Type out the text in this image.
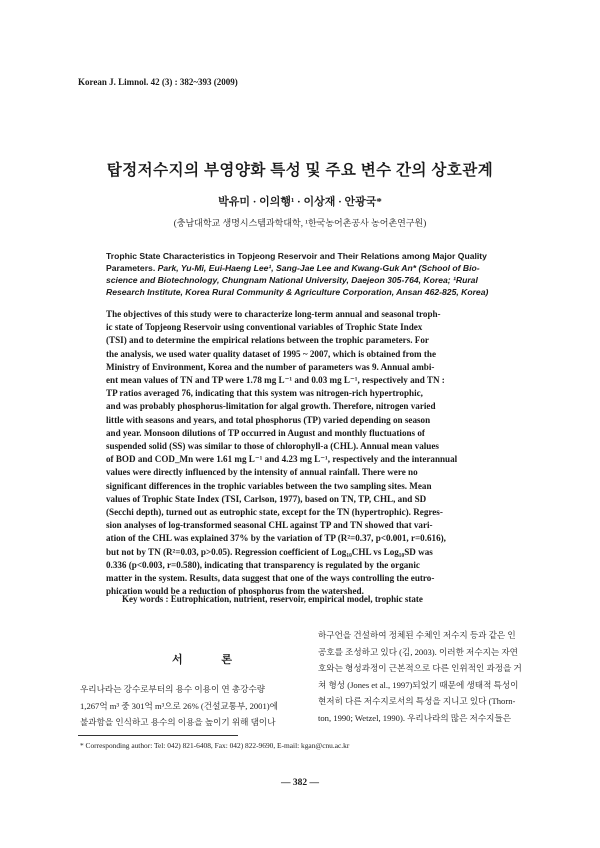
Korean J. Limnol. 42 (3) : 382~393 (2009)
탑정저수지의 부영양화 특성 및 주요 변수 간의 상호관계
박유미 · 이의행¹ · 이상재 · 안광국*
(충남대학교 생명시스템과학대학, ¹한국농어촌공사 농어촌연구원)
Trophic State Characteristics in Topjeong Reservoir and Their Relations among Major Quality
Parameters. Park, Yu-Mi, Eui-Haeng Lee¹, Sang-Jae Lee and Kwang-Guk An* (School of Bio-
science and Biotechnology, Chungnam National University, Daejeon 305-764, Korea; ¹Rural
Research Institute, Korea Rural Community & Agriculture Corporation, Ansan 462-825, Korea)
The objectives of this study were to characterize long-term annual and seasonal troph-
ic state of Topjeong Reservoir using conventional variables of Trophic State Index
(TSI) and to determine the empirical relations between the trophic parameters. For
the analysis, we used water quality dataset of 1995 ~ 2007, which is obtained from the
Ministry of Environment, Korea and the number of parameters was 9. Annual ambi-
ent mean values of TN and TP were 1.78 mg L⁻¹ and 0.03 mg L⁻¹, respectively and TN :
TP ratios averaged 76, indicating that this system was nitrogen-rich hypertrophic,
and was probably phosphorus-limitation for algal growth. Therefore, nitrogen varied
little with seasons and years, and total phosphorus (TP) varied depending on season
and year. Monsoon dilutions of TP occurred in August and monthly fluctuations of
suspended solid (SS) was similar to those of chlorophyll-a (CHL). Annual mean values
of BOD and COD_Mn were 1.61 mg L⁻¹ and 4.23 mg L⁻¹, respectively and the interannual
values were directly influenced by the intensity of annual rainfall. There were no
significant differences in the trophic variables between the two sampling sites. Mean
values of Trophic State Index (TSI, Carlson, 1977), based on TN, TP, CHL, and SD
(Secchi depth), turned out as eutrophic state, except for the TN (hypertrophic). Regres-
sion analyses of log-transformed seasonal CHL against TP and TN showed that vari-
ation of the CHL was explained 37% by the variation of TP (R²=0.37, p<0.001, r=0.616),
but not by TN (R²=0.03, p>0.05). Regression coefficient of Log₁₀CHL vs Log₁₀SD was
0.336 (p<0.003, r=0.580), indicating that transparency is regulated by the organic
matter in the system. Results, data suggest that one of the ways controlling the eutro-
phication would be a reduction of phosphorus from the watershed.
Key words : Eutrophication, nutrient, reservoir, empirical model, trophic state
서 론
우리나라는 강수로부터의 용수 이용이 연 총강수량
1,267억 m³ 중 301억 m³으로 26% (건설교통부, 2001)에
불과함을 인식하고 용수의 이용을 높이기 위해 댐이나
하구언을 건설하여 정체된 수체인 저수지 등과 같은 인
공호를 조성하고 있다 (김, 2003). 이러한 저수지는 자연
호와는 형성과정이 근본적으로 다른 인위적인 과정을 거
쳐 형성 (Jones et al., 1997)되었기 때문에 생태적 특성이
현저히 다른 저수지로서의 특성을 지니고 있다 (Thorn-
ton, 1990; Wetzel, 1990). 우리나라의 많은 저수지들은
* Corresponding author: Tel: 042) 821-6408, Fax: 042) 822-9690, E-mail: kgan@cnu.ac.kr
— 382 —
